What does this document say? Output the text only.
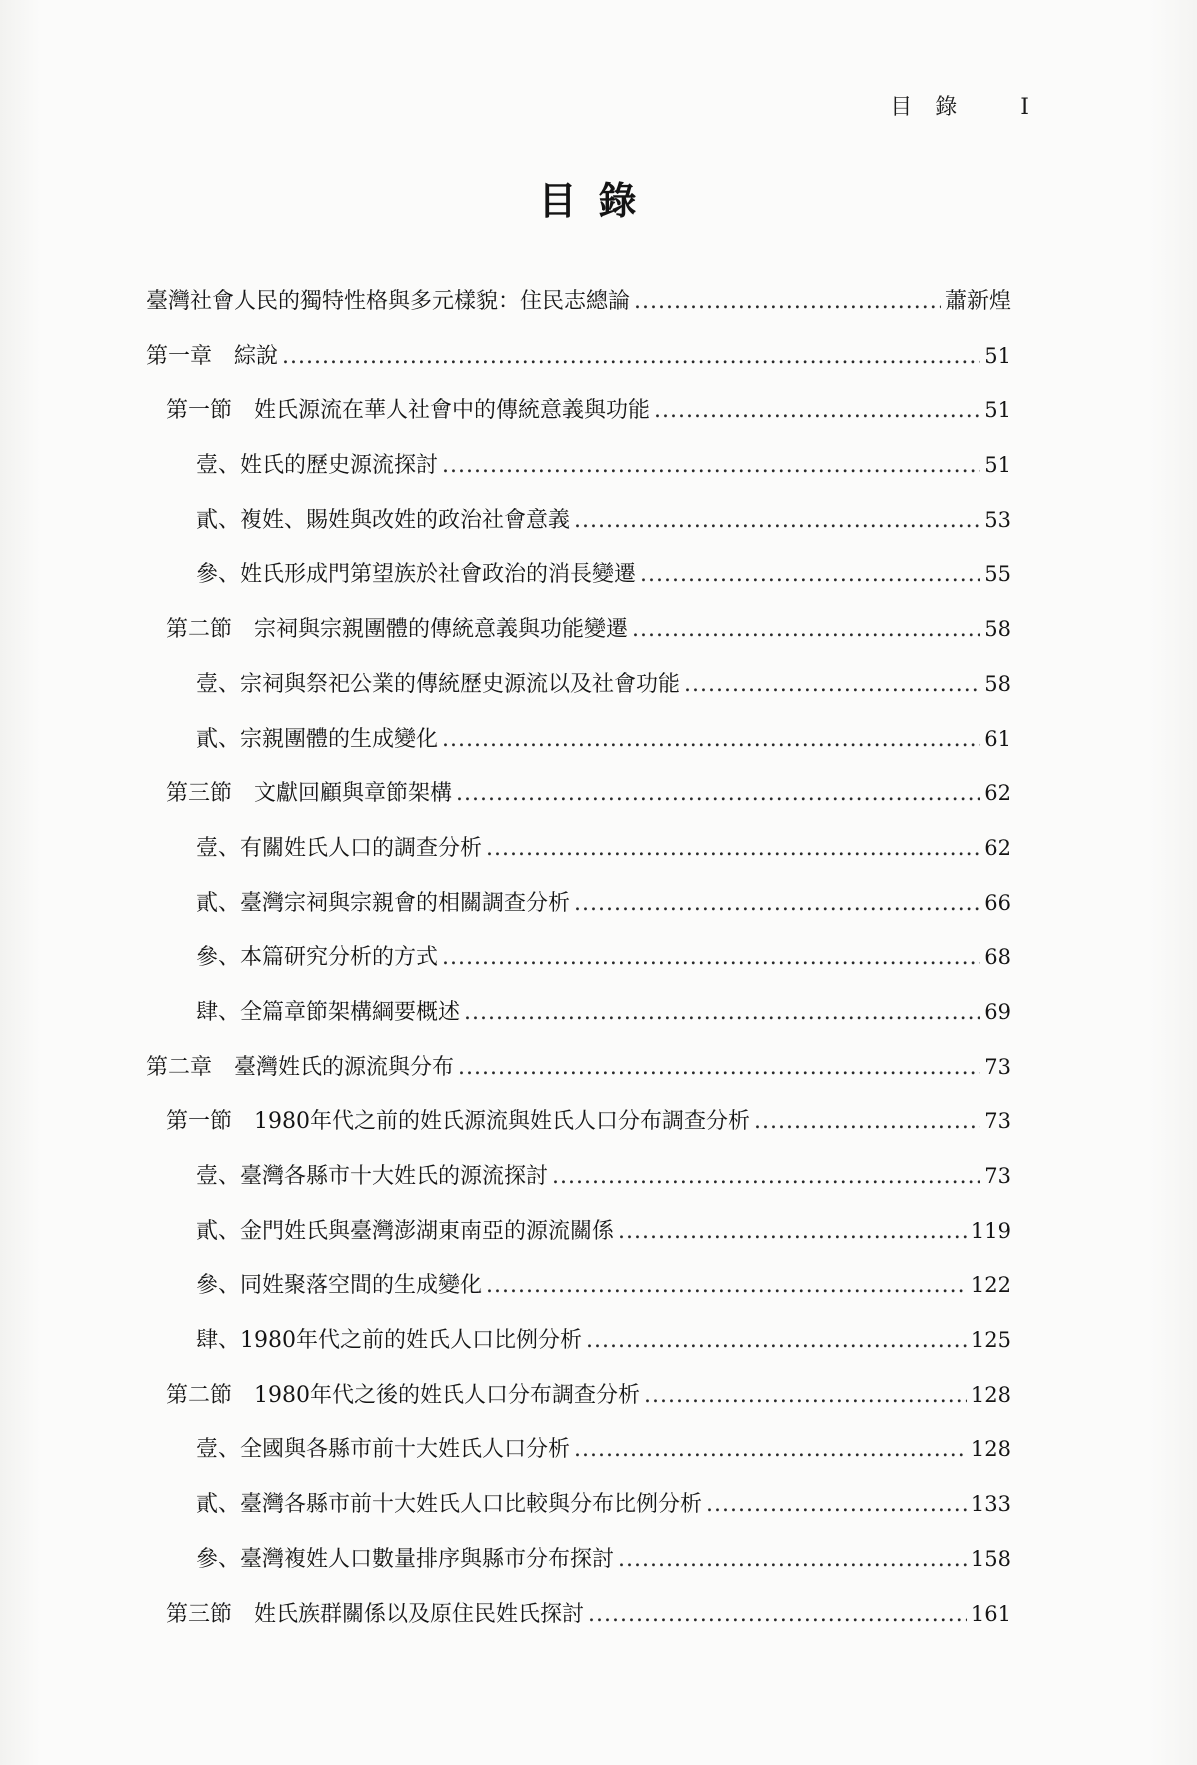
目 錄	I
目錄
臺灣社會人民的獨特性格與多元樣貌：住民志總論 .....	蕭新煌
第一章　綜說 .....	51
第一節　姓氏源流在華人社會中的傳統意義與功能 .....	51
壹、姓氏的歷史源流探討 .....	51
貳、複姓、賜姓與改姓的政治社會意義 .....	53
參、姓氏形成門第望族於社會政治的消長變遷 .....	55
第二節　宗祠與宗親團體的傳統意義與功能變遷 .....	58
壹、宗祠與祭祀公業的傳統歷史源流以及社會功能 .....	58
貳、宗親團體的生成變化 .....	61
第三節　文獻回顧與章節架構 .....	62
壹、有關姓氏人口的調查分析 .....	62
貳、臺灣宗祠與宗親會的相關調查分析 .....	66
參、本篇研究分析的方式 .....	68
肆、全篇章節架構綱要概述 .....	69
第二章　臺灣姓氏的源流與分布 .....	73
第一節　1980年代之前的姓氏源流與姓氏人口分布調查分析 .....	73
壹、臺灣各縣市十大姓氏的源流探討 .....	73
貳、金門姓氏與臺灣澎湖東南亞的源流關係 .....	119
參、同姓聚落空間的生成變化 .....	122
肆、1980年代之前的姓氏人口比例分析 .....	125
第二節　1980年代之後的姓氏人口分布調查分析 .....	128
壹、全國與各縣市前十大姓氏人口分析 .....	128
貳、臺灣各縣市前十大姓氏人口比較與分布比例分析 .....	133
參、臺灣複姓人口數量排序與縣市分布探討 .....	158
第三節　姓氏族群關係以及原住民姓氏探討 .....	161
